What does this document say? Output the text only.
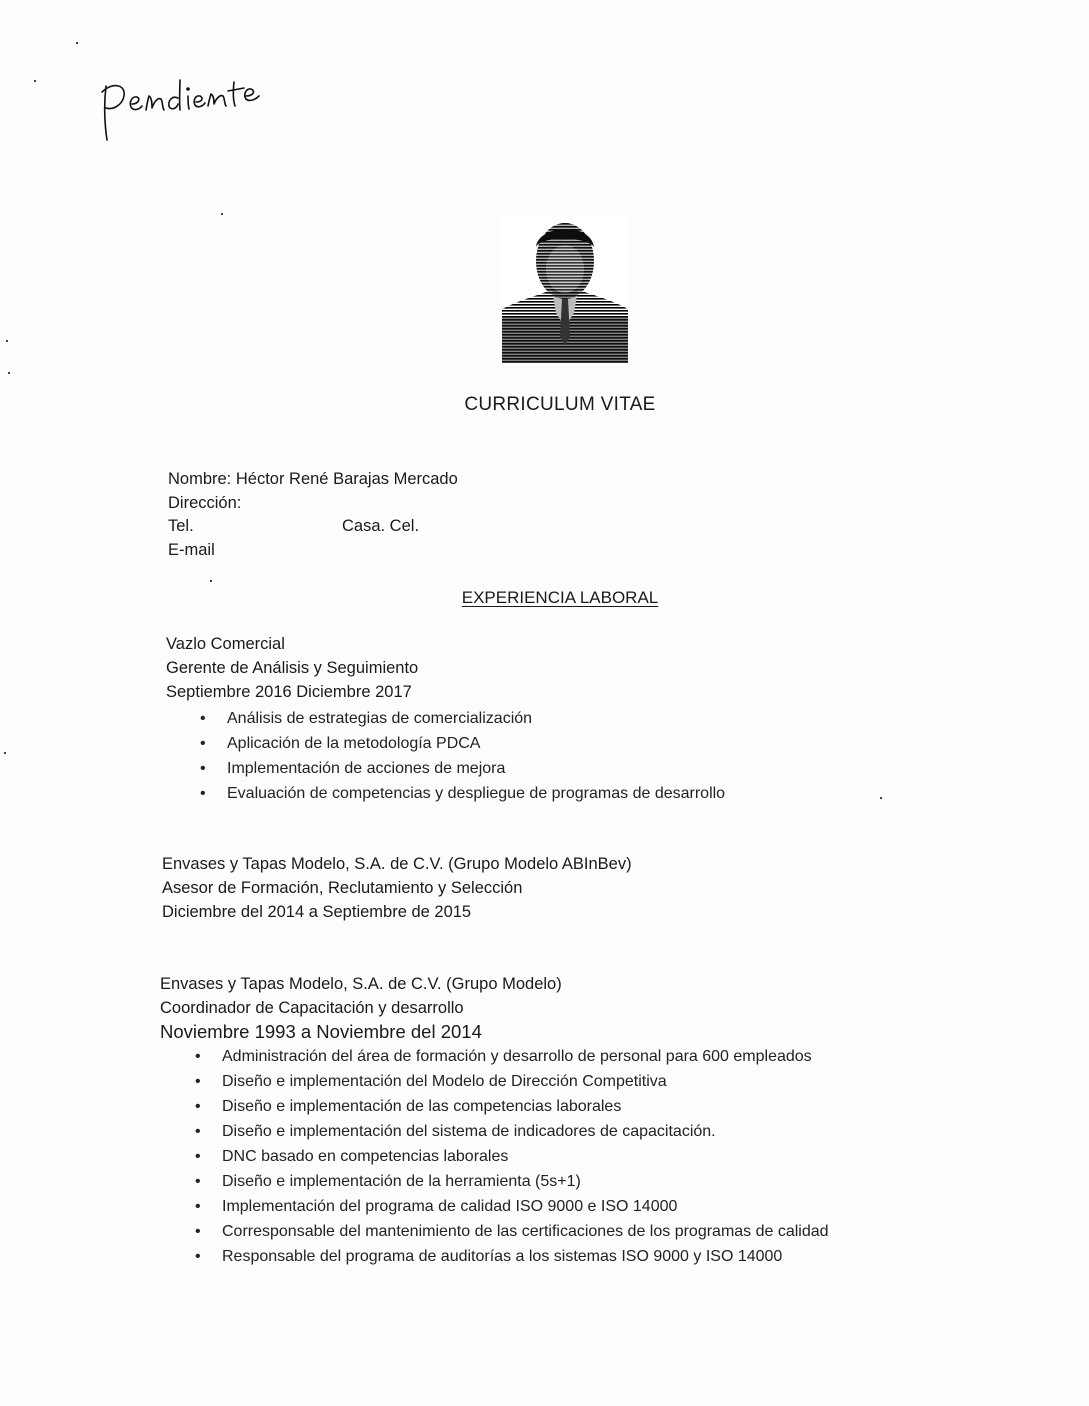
CURRICULUM VITAE
Nombre: Héctor René Barajas Mercado
Dirección:
Tel.	Casa. Cel.
E-mail
EXPERIENCIA LABORAL
Vazlo Comercial
Gerente de Análisis y Seguimiento
Septiembre 2016 Diciembre 2017
• Análisis de estrategias de comercialización
• Aplicación de la metodología PDCA
• Implementación de acciones de mejora
• Evaluación de competencias y despliegue de programas de desarrollo
Envases y Tapas Modelo, S.A. de C.V. (Grupo Modelo ABInBev)
Asesor de Formación, Reclutamiento y Selección
Diciembre del 2014 a Septiembre de 2015
Envases y Tapas Modelo, S.A. de C.V. (Grupo Modelo)
Coordinador de Capacitación y desarrollo
Noviembre 1993 a Noviembre del 2014
• Administración del área de formación y desarrollo de personal para 600 empleados
• Diseño e implementación del Modelo de Dirección Competitiva
• Diseño e implementación de las competencias laborales
• Diseño e implementación del sistema de indicadores de capacitación.
• DNC basado en competencias laborales
• Diseño e implementación de la herramienta (5s+1)
• Implementación del programa de calidad ISO 9000 e ISO 14000
• Corresponsable del mantenimiento de las certificaciones de los programas de calidad
• Responsable del programa de auditorías a los sistemas ISO 9000 y ISO 14000
